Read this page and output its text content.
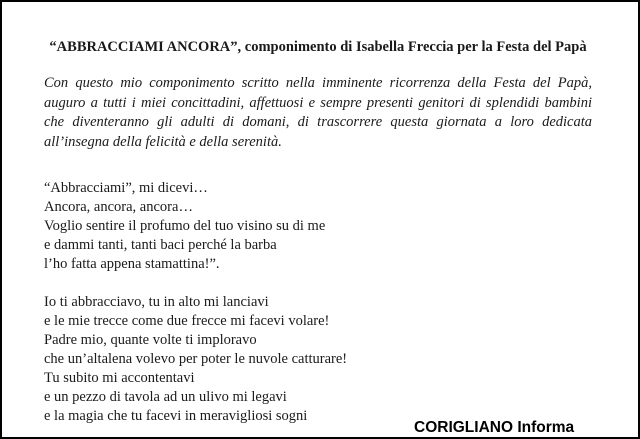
“ABBRACCIAMI ANCORA”, componimento di Isabella Freccia per la Festa del Papà

Con questo mio componimento scritto nella imminente ricorrenza della Festa del Papà, auguro a tutti i miei concittadini, affettuosi e sempre presenti genitori di splendidi bambini che diventeranno gli adulti di domani, di trascorrere questa giornata a loro dedicata all’insegna della felicità e della serenità.

“Abbracciami”, mi dicevi…
Ancora, ancora, ancora…
Voglio sentire il profumo del tuo visino su di me
e dammi tanti, tanti baci perché la barba
l’ho fatta appena stamattina!”.

Io ti abbracciavo, tu in alto mi lanciavi
e le mie trecce come due frecce mi facevi volare!
Padre mio, quante volte ti imploravo
che un’altalena volevo per poter le nuvole catturare!
Tu subito mi accontentavi
e un pezzo di tavola ad un ulivo mi legavi
e la magia che tu facevi in meravigliosi sogni

CORIGLIANO Informa
